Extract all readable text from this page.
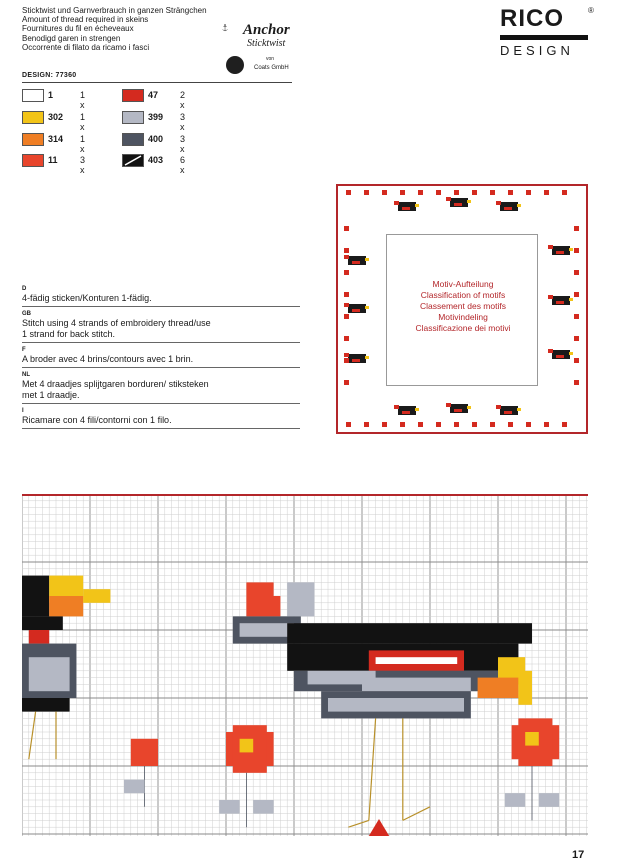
Sticktwist und Garnverbrauch in ganzen Strängchen
Amount of thread required in skeins
Fournitures du fil en écheveaux
Benodigd garen in strengen
Occorrente di filato da ricamo i fasci
DESIGN: 77360
Anchor
Sticktwist
von
Coats GmbH
RICO	®
DESIGN
1	1 x
302 1 x
314 1 x
11 3 x
47 2 x
399 3 x
400 3 x
403 6 x
D
4-fädig sticken/Konturen 1-fädig.
GB
Stitch using 4 strands of embroidery thread/use 1 strand for back stitch.
F
A broder avec 4 brins/contours avec 1 brin.
NL
Met 4 draadjes splijtgaren borduren/ stiksteken met 1 draadje.
I
Ricamare con 4 fili/contorni con 1 filo.
Motiv-Aufteilung
Classification of motifs
Classement des motifs
Motivindeling
Classificazione dei motivi
17
